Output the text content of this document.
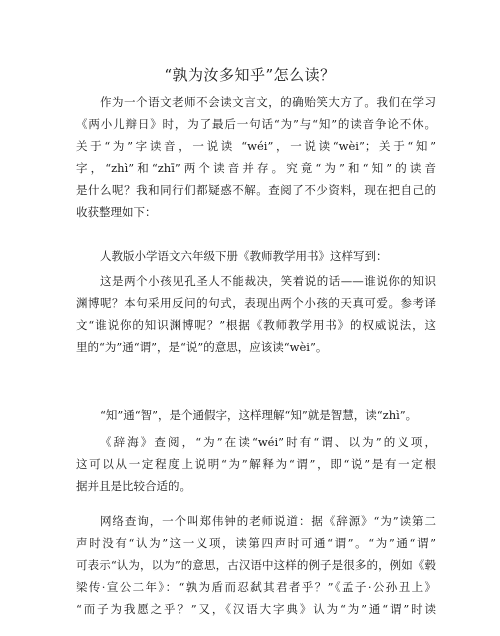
“孰为汝多知乎”怎么读？
作为一个语文老师不会读文言文，的确贻笑大方了。我们在学习
《两小儿辩日》时，为了最后一句话“为”与“知”的读音争论不休。
关于“为”字读音，一说读 “wéi”，一说读“wèi”；关于“知”
字，“zhì”和“zhī”两个读音并存。究竟“为”和“知”的读音
是什么呢？我和同行们都疑惑不解。查阅了不少资料，现在把自己的
收获整理如下：
人教版小学语文六年级下册《教师教学用书》这样写到：
这是两个小孩见孔圣人不能裁决，笑着说的话——谁说你的知识
渊博呢？本句采用反问的句式，表现出两个小孩的天真可爱。参考译
文“谁说你的知识渊博呢？”根据《教师教学用书》的权威说法，这
里的“为”通“谓”，是“说”的意思，应该读“wèi”。
“知”通“智”，是个通假字，这样理解“知”就是智慧，读“zhì”。
《辞海》查阅，“为”在读“wéi”时有“谓、以为”的义项，
这可以从一定程度上说明“为”解释为“谓”，即“说”是有一定根
据并且是比较合适的。
网络查询，一个叫郑伟钟的老师说道：据《辞源》“为”读第二
声时没有“认为”这一义项，读第四声时可通“谓”。“为”通“谓”
可表示“认为，以为”的意思，古汉语中这样的例子是很多的，例如《毂
梁传·宣公二年》：“孰为盾而忍弑其君者乎？”《孟子·公孙丑上》
“而子为我愿之乎？”又，《汉语大字典》认为“为”通“谓”时读
